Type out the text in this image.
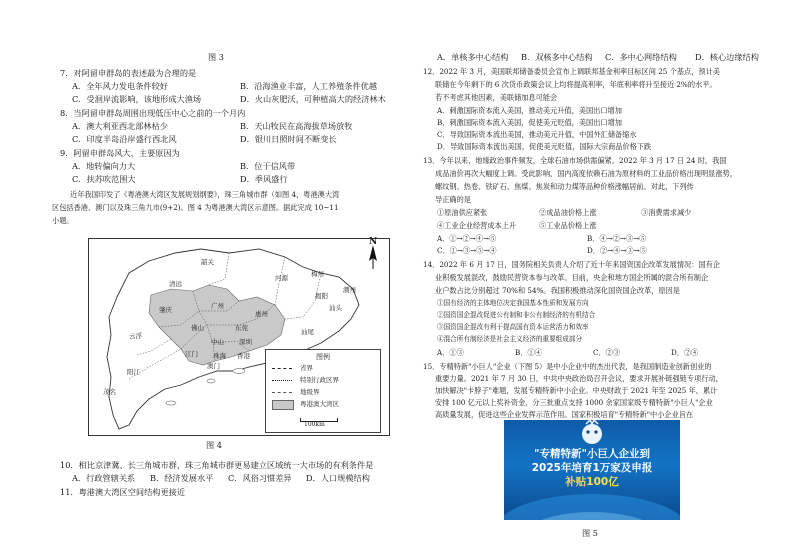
图 3
7．对阿留申群岛的表述最为合理的是
A．全年风力发电条件较好	B．沿海渔业丰富，人工养殖条件优越
C．受洄岸流影响，该地形成大渔场	D．火山灰肥沃，可种植高大的经济林木
8．当阿留申群岛周围出现低压中心之前的一个月内
A．澳大利亚西北部林枯少	B．天山牧民在高海拔草场放牧
C．印度半岛沿岸盛行西北风	D．银川日照时间不断变长
9．阿留申群岛风大，主要原因为
A．地转偏向力大	B．位于信风带
C．扶苏吹范围大	D．季风盛行
近年我国印发了《粤港澳大湾区发展规划纲要》，珠三角城市群（如图 4，粤港澳大湾
区包括香港、澳门以及珠三角九市(9+2)。图 4 为粤港澳大湾区示意图。据此完成 10~11
小题。
N
韶关
清远
河源	梅州
潮州
汕头
揭阳
汕尾
肇庆	广州
惠州
云浮
佛山	东莞
中山 深圳
江门 珠海 香港
澳门
阳江
茂名
图例
省界
特别行政区界
地级界
粤港澳大湾区
100km
图 4
10．相比京津冀、长三角城市群，珠三角城市群更易建立区域统一大市场的有利条件是
A．行政管辖关系 B．经济发展水平 C．风俗习惯差异 D．人口规模结构
11．粤港澳大湾区空间结构更接近
A．单核多中心结构 B．双核多中心结构 C．多中心网络结构 D．核心边缘结构
12．2022 年 3 月，美国联邦储备委员会宣布上调联邦基金利率目标区间 25 个基点，预计美
联储在今年剩下的 6 次货币政策会议上均将提高利率，年底利率将升至接近 2%的水平。
若不考虑其他因素，美联储加息可能会
A．刺激国际资本流入美国，推动美元升值，美国出口增加
B．刺激国际资本流入美国，促使美元贬值，美国出口增加
C．导致国际资本流出美国，推动美元升值，中国外汇储备缩水
D．导致国际资本流出美国，促使美元贬值，国际大宗商品价格下跌
13．今年以来，地缘政治事件频发，全球石油市场供需偏紧。2022 年 3 月 17 日 24 时，我国
成品油价再次大幅度上调。受此影响，国内高度依赖石油为原材料的工业品价格出现明显涨势，
螺纹钢、热卷、铁矿石、焦煤、焦炭和动力煤等品种价格涨幅居前。对此，下列传
导正确的是
①原油供应紧张	②成品油价格上涨	③消费需求减少
④工业企业经营成本上升	⑤工业品价格上涨
A．①→②→④→⑤	B．④→②→③→⑤
C．①→③→⑤→④	D．②→④→③→⑤
14．2022 年 6 月 17 日，国务院相关负责人介绍了近十年来国资国企改革发展情况：国有企
业积极发展混改，鼓励民营资本参与改革。目前，央企和地方国企所属的混合所有制企
业户数占比分别超过 70%和 54%。我国积极推动深化国资国企改革，原因是
①国有经济的主体地位决定我国基本性质和发展方向
②国资国企混改促进公有制和非公有制经济的有机结合
③国资国企混改有利于提高国有资本运营活力和效率
④混合所有制经济是社会主义经济的重要组成部分
A．①③	B．①④	C．②③	D．②④
15．专精特新"小巨人"企业（下图 5）是中小企业中的杰出代表，是我国制造业创新创业的
重要力量。2021 年 7 月 30 日，中共中央政治局召开会议，要求开展补链强链专项行动，
加快解决"卡脖子"难题，发展专精特新中小企业。中央财政于 2021 年至 2025 年，累计
安排 100 亿元以上奖补资金，分三批重点支持 1000 余家国家级专精特新"小巨人"企业
高质量发展，促进这些企业发挥示范作用。国家积极培育"专精特新"中小企业旨在
"专精特新"小巨人企业到
2025年培育1万家及申报
补贴100亿
图 5
